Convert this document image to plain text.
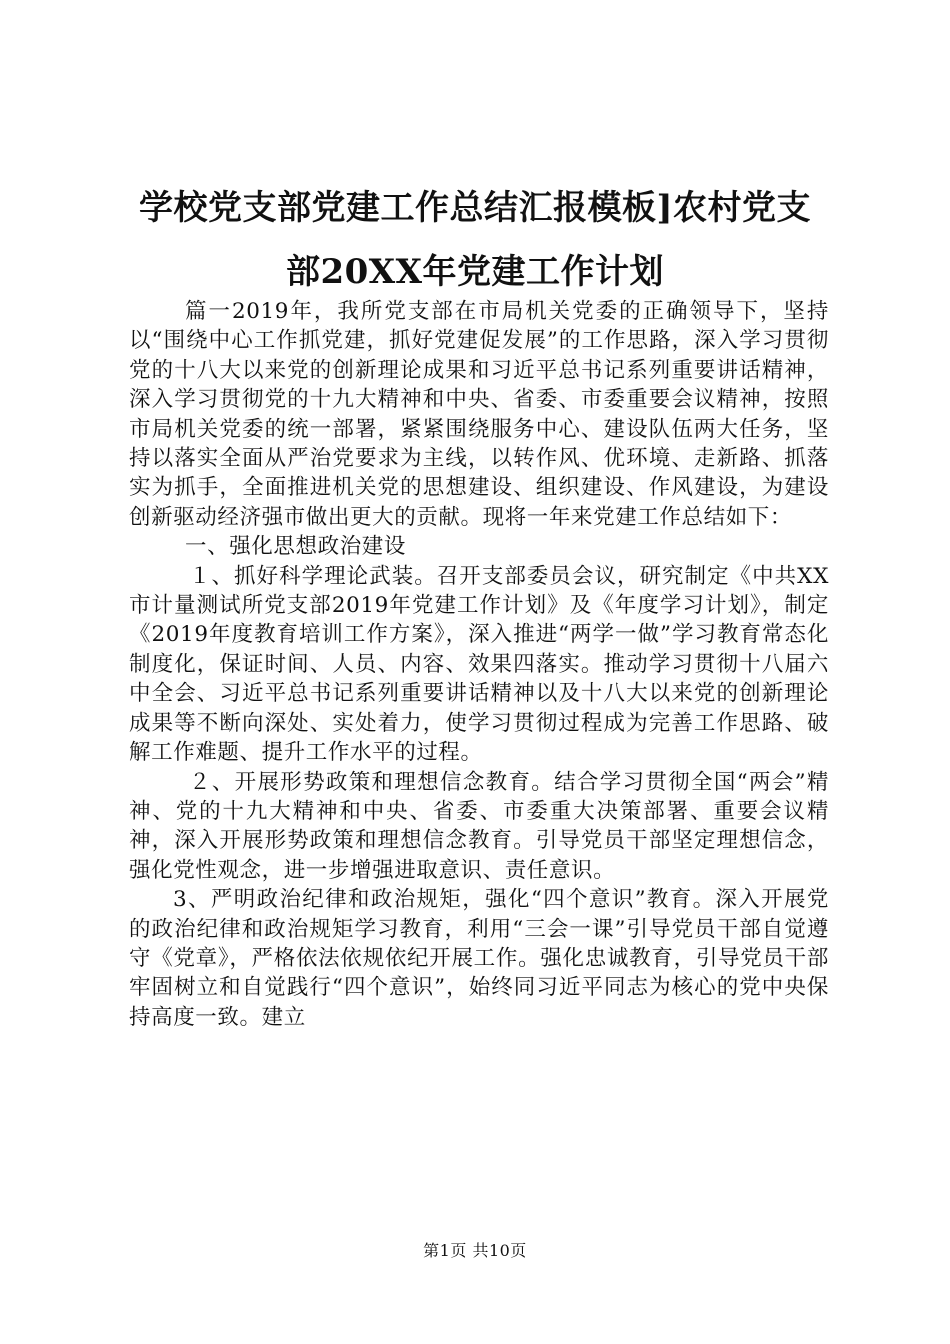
学校党支部党建工作总结汇报模板]农村党支
部20XX年党建工作计划

篇一2019年，我所党支部在市局机关党委的正确领导下，坚持以“围绕中心工作抓党建，抓好党建促发展”的工作思路，深入学习贯彻党的十八大以来党的创新理论成果和习近平总书记系列重要讲话精神，深入学习贯彻党的十九大精神和中央、省委、市委重要会议精神，按照市局机关党委的统一部署，紧紧围绕服务中心、建设队伍两大任务，坚持以落实全面从严治党要求为主线，以转作风、优环境、走新路、抓落实为抓手，全面推进机关党的思想建设、组织建设、作风建设，为建设创新驱动经济强市做出更大的贡献。现将一年来党建工作总结如下：

一、强化思想政治建设

１、抓好科学理论武装。召开支部委员会议，研究制定《中共XX市计量测试所党支部2019年党建工作计划》及《年度学习计划》，制定《2019年度教育培训工作方案》，深入推进“两学一做”学习教育常态化制度化，保证时间、人员、内容、效果四落实。推动学习贯彻十八届六中全会、习近平总书记系列重要讲话精神以及十八大以来党的创新理论成果等不断向深处、实处着力，使学习贯彻过程成为完善工作思路、破解工作难题、提升工作水平的过程。

２、开展形势政策和理想信念教育。结合学习贯彻全国“两会”精神、党的十九大精神和中央、省委、市委重大决策部署、重要会议精神，深入开展形势政策和理想信念教育。引导党员干部坚定理想信念，强化党性观念，进一步增强进取意识、责任意识。

3、严明政治纪律和政治规矩，强化“四个意识”教育。深入开展党的政治纪律和政治规矩学习教育，利用“三会一课”引导党员干部自觉遵守《党章》，严格依法依规依纪开展工作。强化忠诚教育，引导党员干部牢固树立和自觉践行“四个意识”，始终同习近平同志为核心的党中央保持高度一致。建立

第1页 共10页
